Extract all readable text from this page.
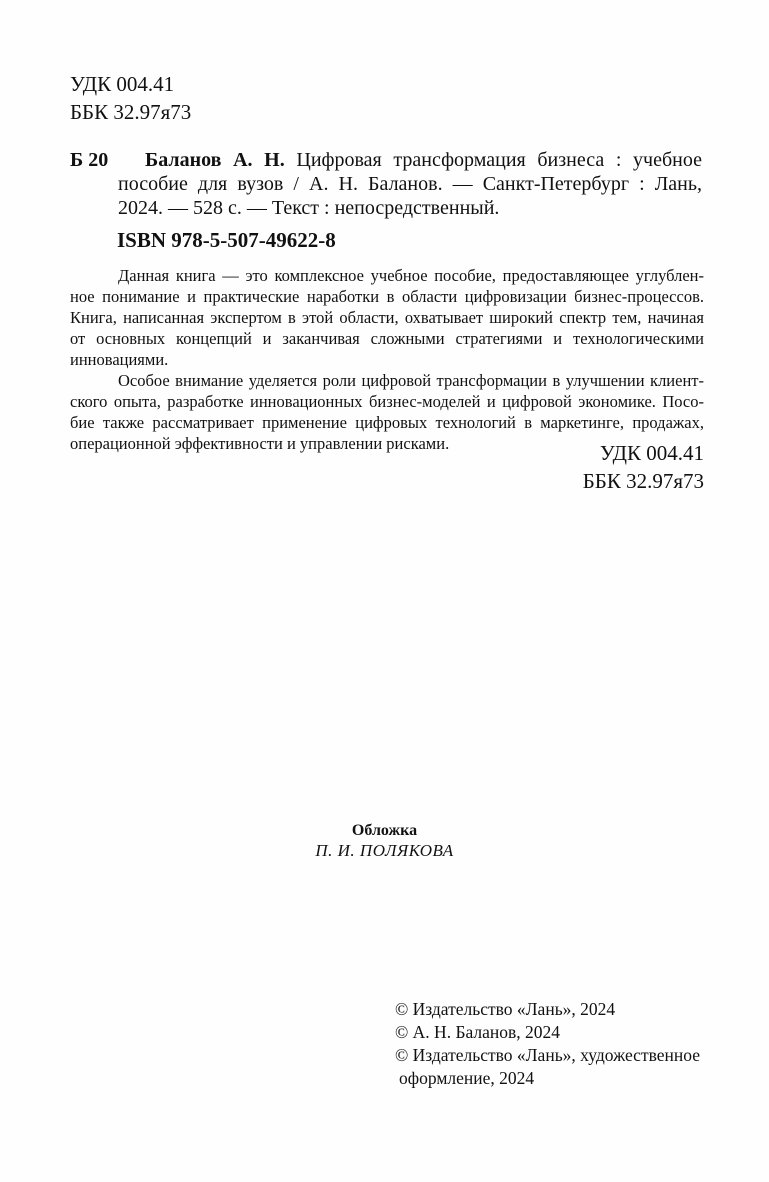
УДК 004.41
ББК 32.97я73
Б 20	Баланов А. Н. Цифровая трансформация бизнеса : учебное
пособие для вузов / А. Н. Баланов. — Санкт-Петербург : Лань,
2024. — 528 с. — Текст : непосредственный.
ISBN 978-5-507-49622-8
Данная книга — это комплексное учебное пособие, предоставляющее углублен-
ное понимание и практические наработки в области цифровизации бизнес-процессов.
Книга, написанная экспертом в этой области, охватывает широкий спектр тем, начиная
от основных концепций и заканчивая сложными стратегиями и технологическими
инновациями.
Особое внимание уделяется роли цифровой трансформации в улучшении клиент-
ского опыта, разработке инновационных бизнес-моделей и цифровой экономике. Посо-
бие также рассматривает применение цифровых технологий в маркетинге, продажах,
операционной эффективности и управлении рисками.	УДК 004.41
ББК 32.97я73
Обложка
П. И. ПОЛЯКОВА
© Издательство «Лань», 2024
© А. Н. Баланов, 2024
© Издательство «Лань», художественное
оформление, 2024
